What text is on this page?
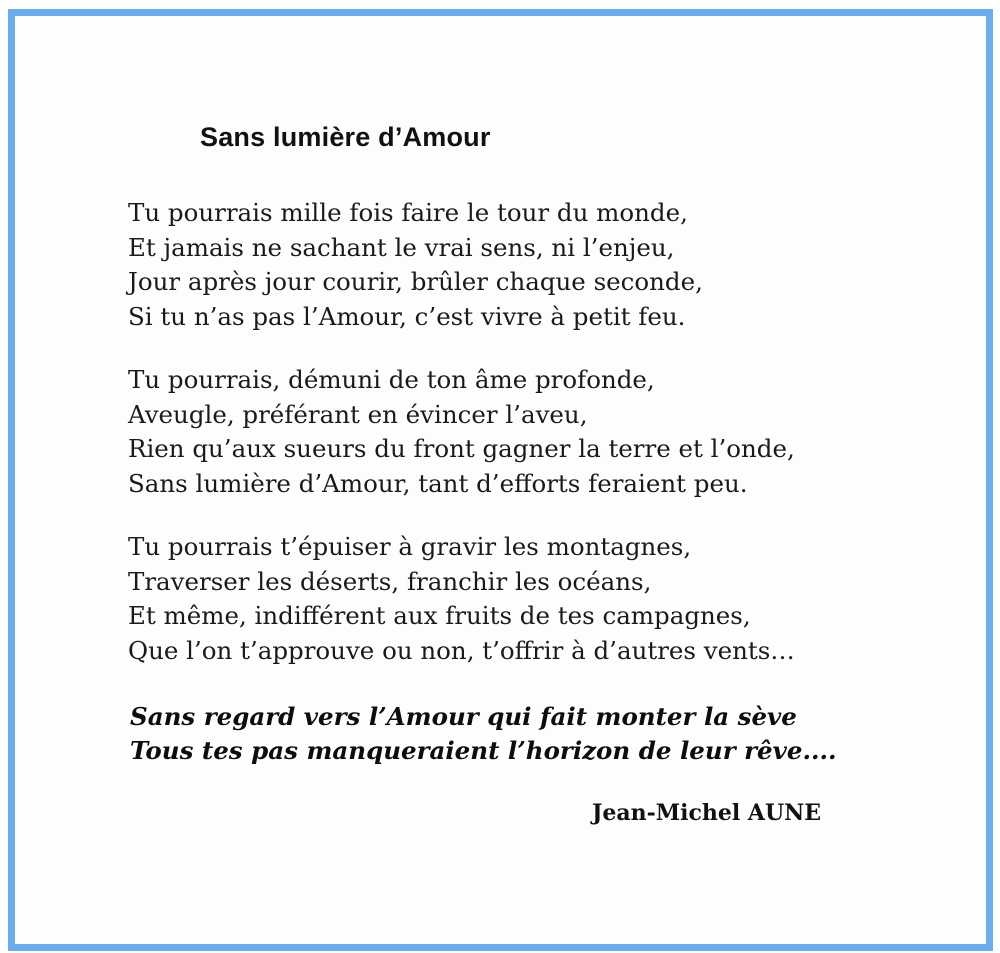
Sans lumière d’Amour
Tu pourrais mille fois faire le tour du monde,
Et jamais ne sachant le vrai sens, ni l’enjeu,
Jour après jour courir, brûler chaque seconde,
Si tu n’as pas l’Amour, c’est vivre à petit feu.
Tu pourrais, démuni de ton âme profonde,
Aveugle, préférant en évincer l’aveu,
Rien qu’aux sueurs du front gagner la terre et l’onde,
Sans lumière d’Amour, tant d’efforts feraient peu.
Tu pourrais t’épuiser à gravir les montagnes,
Traverser les déserts, franchir les océans,
Et même, indifférent aux fruits de tes campagnes,
Que l’on t’approuve ou non, t’offrir à d’autres vents…
Sans regard vers l’Amour qui fait monter la sève
Tous tes pas manqueraient l’horizon de leur rêve....
Jean-Michel AUNE
